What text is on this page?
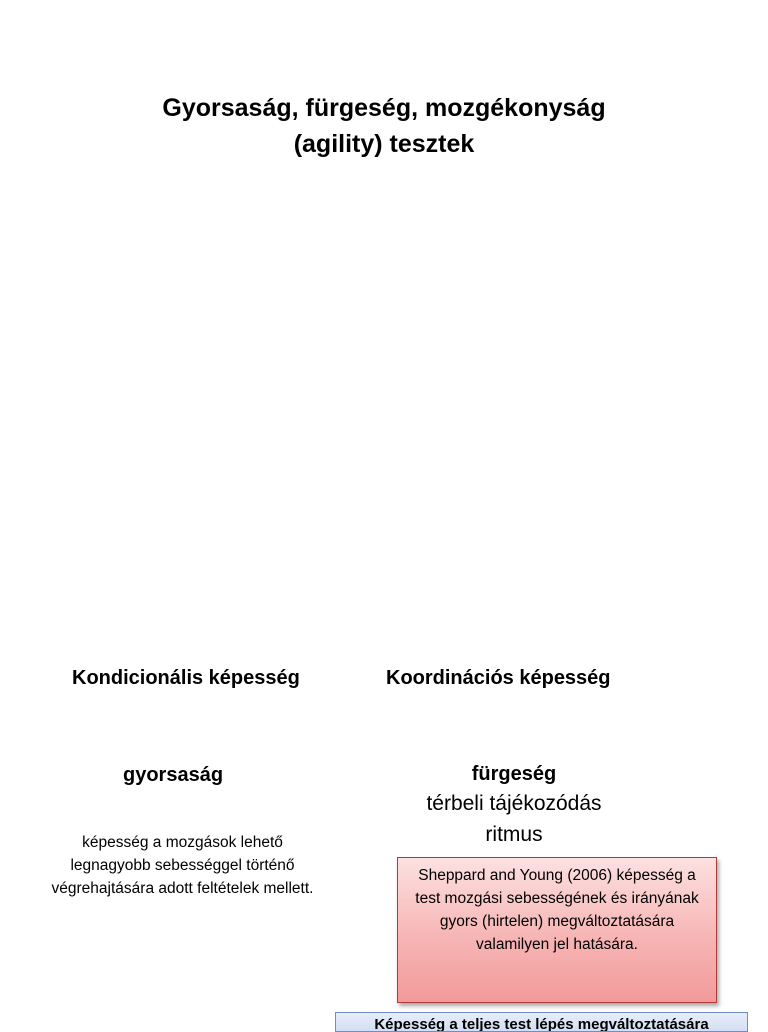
Gyorsaság, fürgeség, mozgékonyság
(agility) tesztek
Kondicionális képesség	Koordinációs képesség
gyorsaság	fürgeség
térbeli tájékozódás
ritmus
képesség a mozgások lehető legnagyobb sebességgel történő végrehajtására adott feltételek mellett.
Sheppard and Young (2006) képesség a test mozgási sebességének és irányának gyors (hirtelen) megváltoztatására valamilyen jel hatására.
Képesség a teljes test lépés megváltoztatására
